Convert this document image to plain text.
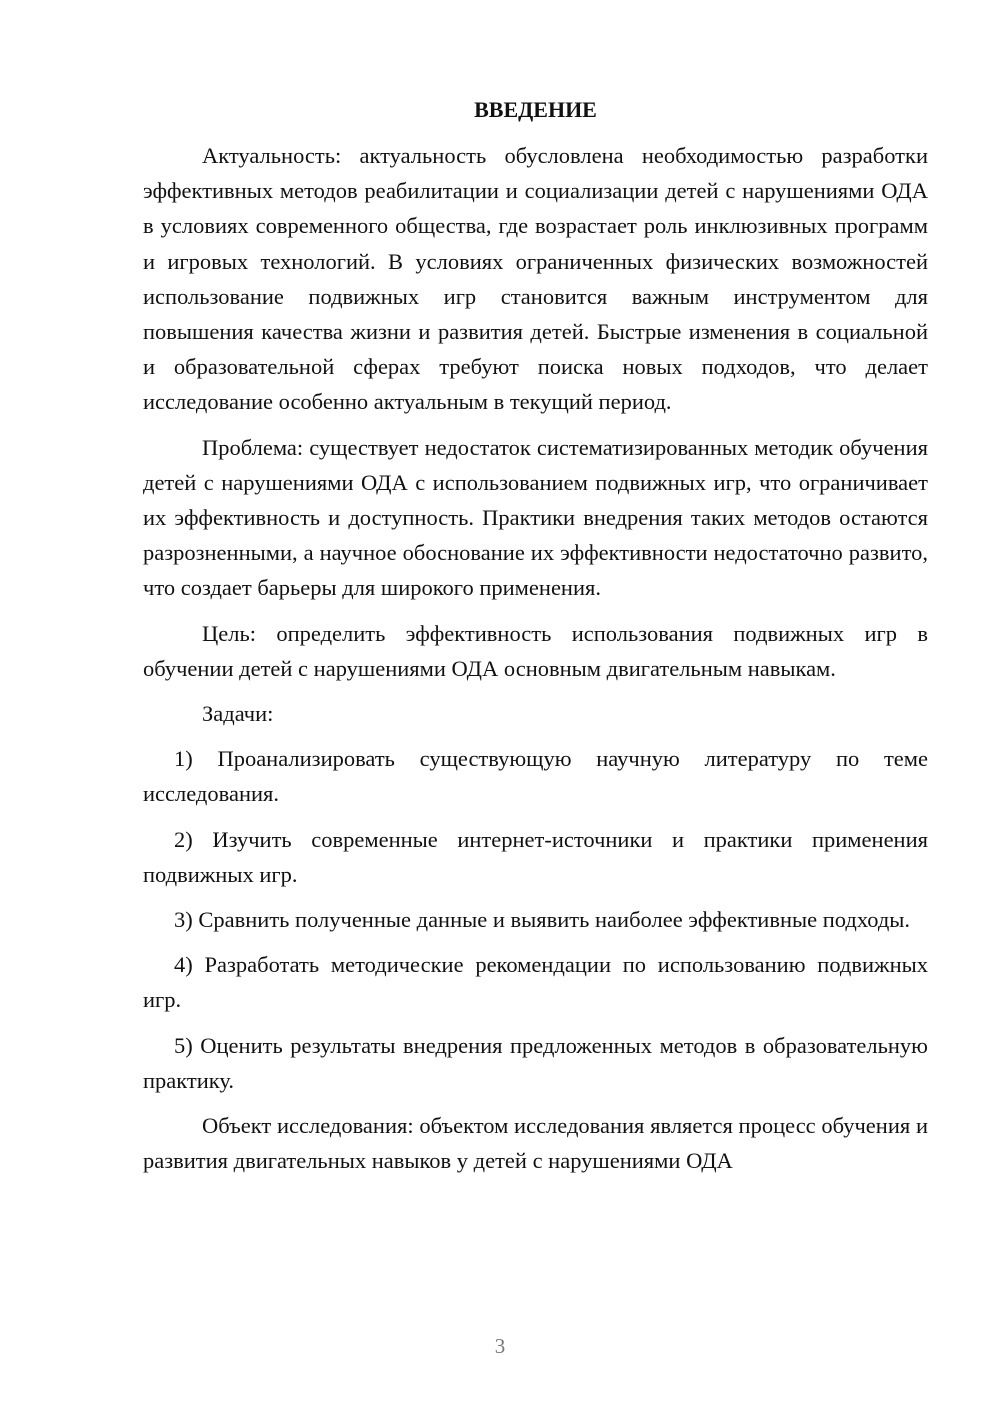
ВВЕДЕНИЕ

Актуальность: актуальность обусловлена необходимостью разработки эффективных методов реабилитации и социализации детей с нарушениями ОДА в условиях современного общества, где возрастает роль инклюзивных программ и игровых технологий. В условиях ограниченных физических возможностей использование подвижных игр становится важным инструментом для повышения качества жизни и развития детей. Быстрые изменения в социальной и образовательной сферах требуют поиска новых подходов, что делает исследование особенно актуальным в текущий период.

Проблема: существует недостаток систематизированных методик обучения детей с нарушениями ОДА с использованием подвижных игр, что ограничивает их эффективность и доступность. Практики внедрения таких методов остаются разрозненными, а научное обоснование их эффективности недостаточно развито, что создает барьеры для широкого применения.

Цель: определить эффективность использования подвижных игр в обучении детей с нарушениями ОДА основным двигательным навыкам.

Задачи:

1) Проанализировать существующую научную литературу по теме исследования.

2) Изучить современные интернет-источники и практики применения подвижных игр.

3) Сравнить полученные данные и выявить наиболее эффективные подходы.

4) Разработать методические рекомендации по использованию подвижных игр.

5) Оценить результаты внедрения предложенных методов в образовательную практику.

Объект исследования: объектом исследования является процесс обучения и развития двигательных навыков у детей с нарушениями ОДА

3
